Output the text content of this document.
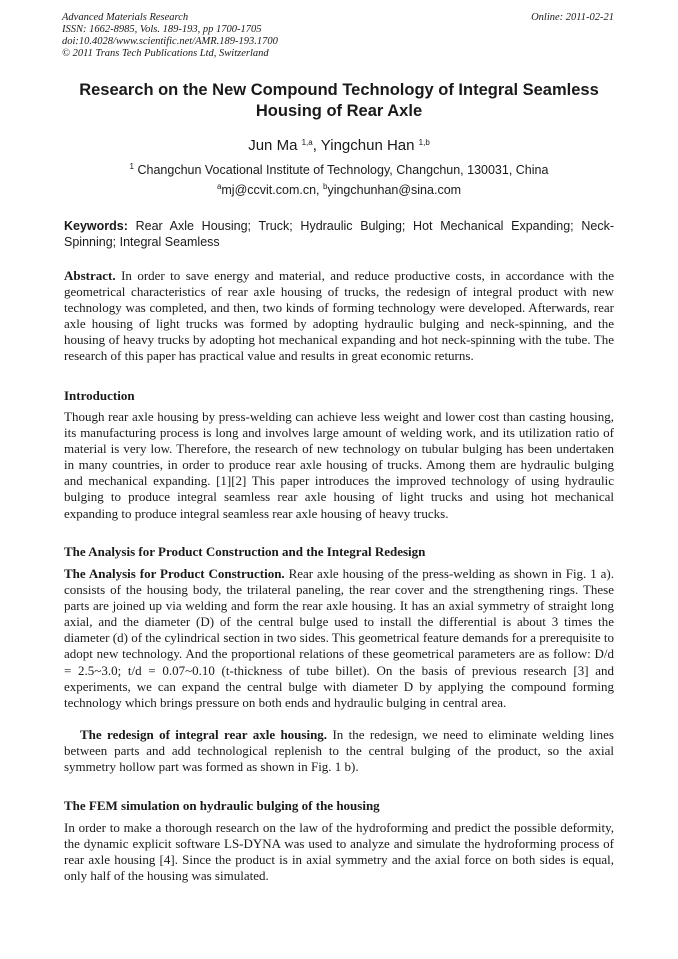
Advanced Materials Research
ISSN: 1662-8985, Vols. 189-193, pp 1700-1705
doi:10.4028/www.scientific.net/AMR.189-193.1700
© 2011 Trans Tech Publications Ltd, Switzerland
Online: 2011-02-21
Research on the New Compound Technology of Integral Seamless Housing of Rear Axle
Jun Ma $^{1,a}$, Yingchun Han $^{1,b}$
$^1$ Changchun Vocational Institute of Technology, Changchun, 130031, China
$^a$mj@ccvit.com.cn, $^b$yingchunhan@sina.com
Keywords: Rear Axle Housing; Truck; Hydraulic Bulging; Hot Mechanical Expanding; Neck-Spinning; Integral Seamless
Abstract. In order to save energy and material, and reduce productive costs, in accordance with the geometrical characteristics of rear axle housing of trucks, the redesign of integral product with new technology was completed, and then, two kinds of forming technology were developed. Afterwards, rear axle housing of light trucks was formed by adopting hydraulic bulging and neck-spinning, and the housing of heavy trucks by adopting hot mechanical expanding and hot neck-spinning with the tube. The research of this paper has practical value and results in great economic returns.
Introduction
Though rear axle housing by press-welding can achieve less weight and lower cost than casting housing, its manufacturing process is long and involves large amount of welding work, and its utilization ratio of material is very low. Therefore, the research of new technology on tubular bulging has been undertaken in many countries, in order to produce rear axle housing of trucks. Among them are hydraulic bulging and mechanical expanding. [1][2] This paper introduces the improved technology of using hydraulic bulging to produce integral seamless rear axle housing of light trucks and using hot mechanical expanding to produce integral seamless rear axle housing of heavy trucks.
The Analysis for Product Construction and the Integral Redesign
The Analysis for Product Construction. Rear axle housing of the press-welding as shown in Fig. 1 a). consists of the housing body, the trilateral paneling, the rear cover and the strengthening rings. These parts are joined up via welding and form the rear axle housing. It has an axial symmetry of straight long axial, and the diameter (D) of the central bulge used to install the differential is about 3 times the diameter (d) of the cylindrical section in two sides. This geometrical feature demands for a prerequisite to adopt new technology. And the proportional relations of these geometrical parameters are as follow: D/d = 2.5~3.0; t/d = 0.07~0.10 (t-thickness of tube billet). On the basis of previous research [3] and experiments, we can expand the central bulge with diameter D by applying the compound forming technology which brings pressure on both ends and hydraulic bulging in central area.
The redesign of integral rear axle housing. In the redesign, we need to eliminate welding lines between parts and add technological replenish to the central bulging of the product, so the axial symmetry hollow part was formed as shown in Fig. 1 b).
The FEM simulation on hydraulic bulging of the housing
In order to make a thorough research on the law of the hydroforming and predict the possible deformity, the dynamic explicit software LS-DYNA was used to analyze and simulate the hydroforming process of rear axle housing [4]. Since the product is in axial symmetry and the axial force on both sides is equal, only half of the housing was simulated.
